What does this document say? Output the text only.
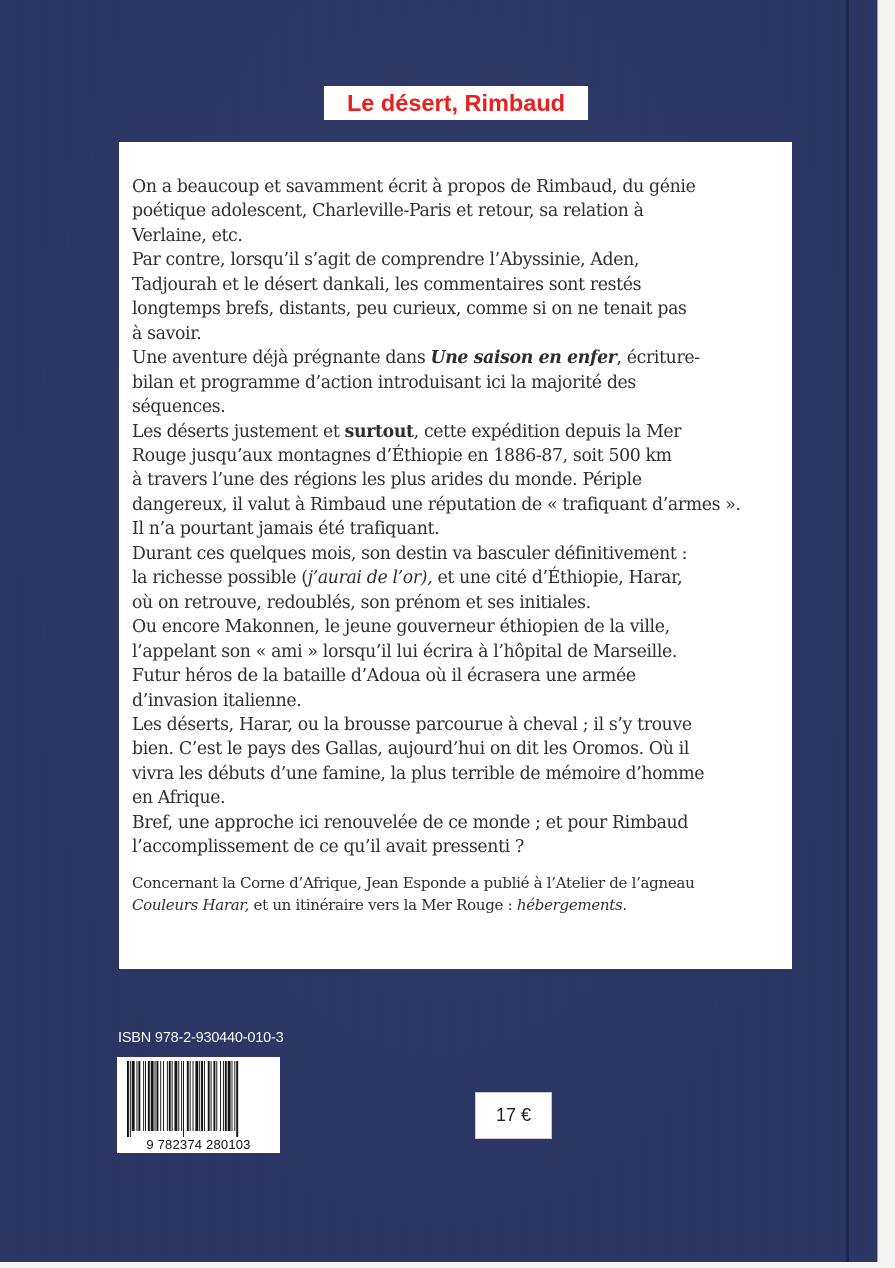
Le désert, Rimbaud

On a beaucoup et savamment écrit à propos de Rimbaud, du génie

poétique adolescent, Charleville-Paris et retour, sa relation à

Verlaine, etc.

Par contre, lorsqu’il s’agit de comprendre l’Abyssinie, Aden,

Tadjourah et le désert dankali, les commentaires sont restés

longtemps brefs, distants, peu curieux, comme si on ne tenait pas

à savoir.

Une aventure déjà prégnante dans Une saison en enfer, écriture-

bilan et programme d’action introduisant ici la majorité des

séquences.

Les déserts justement et surtout, cette expédition depuis la Mer

Rouge jusqu’aux montagnes d’Éthiopie en 1886-87, soit 500 km

à travers l’une des régions les plus arides du monde. Périple

dangereux, il valut à Rimbaud une réputation de « trafiquant d’armes ».

Il n’a pourtant jamais été trafiquant.

Durant ces quelques mois, son destin va basculer définitivement :

la richesse possible (j’aurai de l’or), et une cité d’Éthiopie, Harar,

où on retrouve, redoublés, son prénom et ses initiales.

Ou encore Makonnen, le jeune gouverneur éthiopien de la ville,

l’appelant son « ami » lorsqu’il lui écrira à l’hôpital de Marseille.

Futur héros de la bataille d’Adoua où il écrasera une armée

d’invasion italienne.

Les déserts, Harar, ou la brousse parcourue à cheval ; il s’y trouve

bien. C’est le pays des Gallas, aujourd’hui on dit les Oromos. Où il

vivra les débuts d’une famine, la plus terrible de mémoire d’homme

en Afrique.

Bref, une approche ici renouvelée de ce monde ; et pour Rimbaud

l’accomplissement de ce qu’il avait pressenti ?

Concernant la Corne d’Afrique, Jean Esponde a publié à l’Atelier de l’agneau

Couleurs Harar, et un itinéraire vers la Mer Rouge : hébergements.

ISBN 978-2-930440-010-3
9 782374 280103
17 €
